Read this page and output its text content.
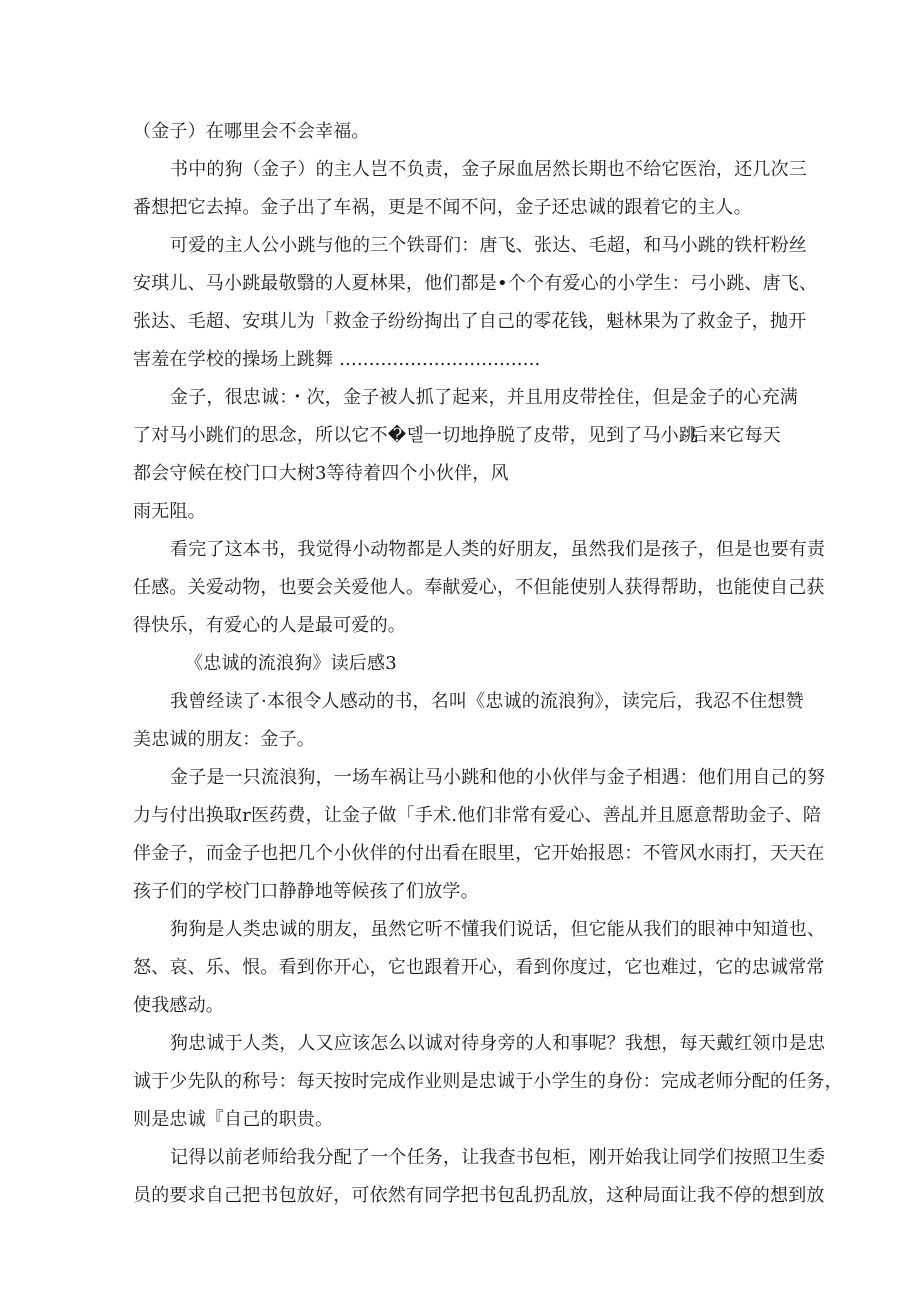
（金子）在哪里会不会幸福。
书中的狗（金子）的主人岂不负责，金子尿血居然长期也不给它医治，还几次三
番想把它去掉。金子出了车祸，更是不闻不问，金子还忠诚的跟着它的主人。
可爱的主人公小跳与他的三个铁哥们：唐飞、张达、毛超，和马小跳的铁杆粉丝
安琪儿、马小跳最敬翳的人夏林果，他们都是•个个有爱心的小学生：弓小跳、唐飞、
张达、毛超、安琪儿为「救金子纷纷掏出了自己的零花钱，魁林果为了救金子，抛开
害羞在学校的操场上跳舞 ..................................
金子，很忠诚：・次，金子被人抓了起来，并且用皮带拴住，但是金子的心充满
了对马小跳们的思念，所以它不�델一切地挣脱了皮带，见到了马小跳
后来它每天
都会守候在校门口大树3等待着四个小伙伴，风
雨无阻。
看完了这本书，我觉得小动物都是人类的好朋友，虽然我们是孩子，但是也要有责
任感。关爱动物，也要会关爱他人。奉献爱心，不但能使别人获得帮助，也能使自己获
得快乐，有爱心的人是最可爱的。
《忠诚的流浪狗》读后感3
我曾经读了·本很令人感动的书，名叫《忠诚的流浪狗》，读完后，我忍不住想赞
美忠诚的朋友：金子。
金子是一只流浪狗，一场车祸让马小跳和他的小伙伴与金子相遇：他们用自己的努
力与付出换取r医药费，让金子做「手术.他们非常有爱心、善乩并且愿意帮助金子、陪
伴金子，而金子也把几个小伙伴的付出看在眼里，它开始报恩：不管风水雨打，天天在
孩子们的学校门口静静地等候孩了们放学。
狗狗是人类忠诚的朋友，虽然它听不懂我们说话，但它能从我们的眼神中知道也、
怒、哀、乐、恨。看到你开心，它也跟着开心，看到你度过，它也难过，它的忠诚常常
使我感动。
狗忠诚于人类，人又应该怎么以诚对待身旁的人和事呢？我想，每天戴红领巾是忠
诚于少先队的称号：每天按时完成作业则是忠诚于小学生的身份：完成老师分配的任务，
则是忠诚『自己的职贵。
记得以前老师给我分配了一个任务，让我查书包柜，刚开始我让同学们按照卫生委
员的要求自己把书包放好，可依然有同学把书包乱扔乱放，这种局面让我不停的想到放
